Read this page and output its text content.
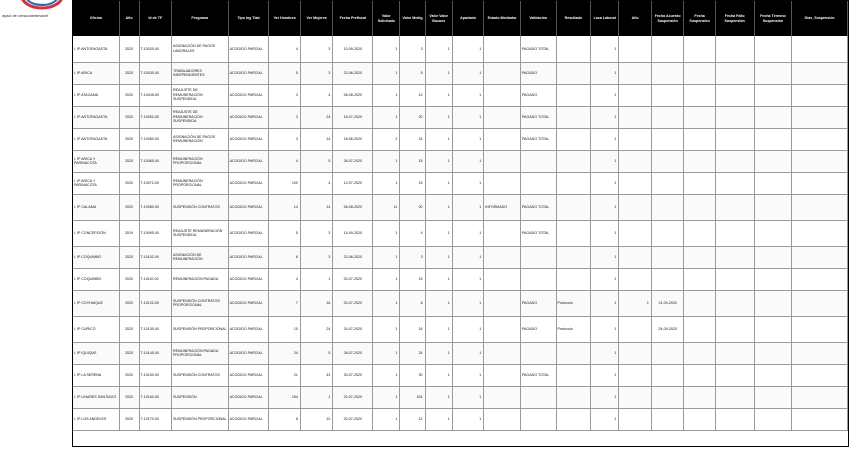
Tribato
ayacl de cmsccatmtmacet
Oficina	Año	Id de TF	Programa	Tipo Ing Tlab	Ver Hombres	Ver Mujeres	Fecha Prefiscal	Valor Solicitado	Valor Medig	Valor Valor Bucues	Apartado	Estado Mediador	Validación	Resultado	Laca Laboral	Año	Fecha Acuerdo Suspensión	Fecha Suspensión	Fecha Fallo Suspensión	Fecha Término Suspensión	Días_Suspensión
I. IP ANTOFAGASTA	2020	T-10020-00	ASIGNACIÓN DE PAGOS LABORALES	ACOGIDO PARCIAL	4	3	10-09-2020	1	3	1	1		PAGADO TOTAL		1						
I. IP ARICA	2020	T-10030-00	TRABAJADORES INDEPENDIENTES	ACOGIDO PARCIAL	5	3	22-06-2020	1	5	1	1		PAGADO		1						
I. IP ATACAMA	2020	T-10045-00	REAJUSTE DE REMUNERACIÓN SUSPENDIDA	ACOGIDO PARCIAL	3	4	26-08-2020	1	12	1	1		PAGADO		1						
I. IP ANTOFAGASTA	2020	T-10052-00	REAJUSTE DE REMUNERACIÓN SUSPENDIDA	ACOGIDO PARCIAL	3	24	16-07-2020	1	20	1	1		PAGADO TOTAL		1						
I. IP ANTOFAGASTA	2020	T-10060-00	ASIGNACIÓN DE PAGOS REMUNERACIÓN	ACOGIDO PARCIAL	3	14	18-06-2020	2	24	1	1		PAGADO TOTAL		1						
I. IP ARICA Y PARINACOTA	2020	T-10065-00	REMUNERACIÓN PROPORCIONAL	ACOGIDO PARCIAL	4	5	26-07-2020	1	15	1	1				1						
I. IP ARICA Y PARINACOTA	2020	T-10072-00	REMUNERACIÓN PROPORCIONAL	ACOGIDO PARCIAL	100	4	12-07-2020	1	15	1	1				1						
I. IP CALAMA	2020	T-10080-00	SUSPENSIÓN CONTRATOS	ACOGIDO PARCIAL	14	14	26-08-2020	11	20	1	1	INFORMADO	PAGADO TOTAL		1						
I. IP CONCEPCIÓN	2019	T-10095-00	REAJUSTE REMUNERACIÓN SUSPENDIDA	ACOGIDO PARCIAL	5	3	14-09-2020	1	4	1	1		PAGADO TOTAL		1						
I. IP COQUIMBO	2020	T-10102-00	ASIGNACIÓN DE REMUNERACIÓN	ACOGIDO PARCIAL	6	3	22-06-2020	1	3	1	1				1						
I. IP COQUIMBO	2020	T-10110-00	REMUNERACIÓN PAGADA	ACOGIDO PARCIAL	4	1	20-07-2020	1	15	1	1				1						
I. IP COYHAIQUE	2020	T-10122-00	SUSPENSIÓN CONTRATOS PROPORCIONAL	ACOGIDO PARCIAL	7	16	20-07-2020	1	6	1	1		PAGADO	Protocolo	1	1	21-09-2020				
I. IP CURICÓ	2020	T-10130-00	SUSPENSIÓN PROPORCIONAL	ACOGIDO PARCIAL	10	24	24-07-2020	1	16	1	1		PAGADO	Protocolo	1		24-09-2020				
I. IP IQUIQUE	2020	T-10145-00	REMUNERACIÓN PAGADA PROPORCIONAL	ACOGIDO PARCIAL	24	5	28-07-2020	1	24	1	1				1						
I. IP LA SERENA	2020	T-10150-00	SUSPENSIÓN CONTRATOS	ACOGIDO PARCIAL	21	43	30-07-2020	1	30	1	1		PAGADO TOTAL		1						
I. IP LINARES SANTIAGO	2020	T-10160-00	SUSPENSIÓN	ACOGIDO PARCIAL	154	1	22-07-2020	1	154	1	1				1						
I. IP LOS ANGELES	2020	T-10170-00	SUSPENSIÓN PROPORCIONAL	ACOGIDO PARCIAL	8	10	20-07-2020	1	12	1	1				1						
